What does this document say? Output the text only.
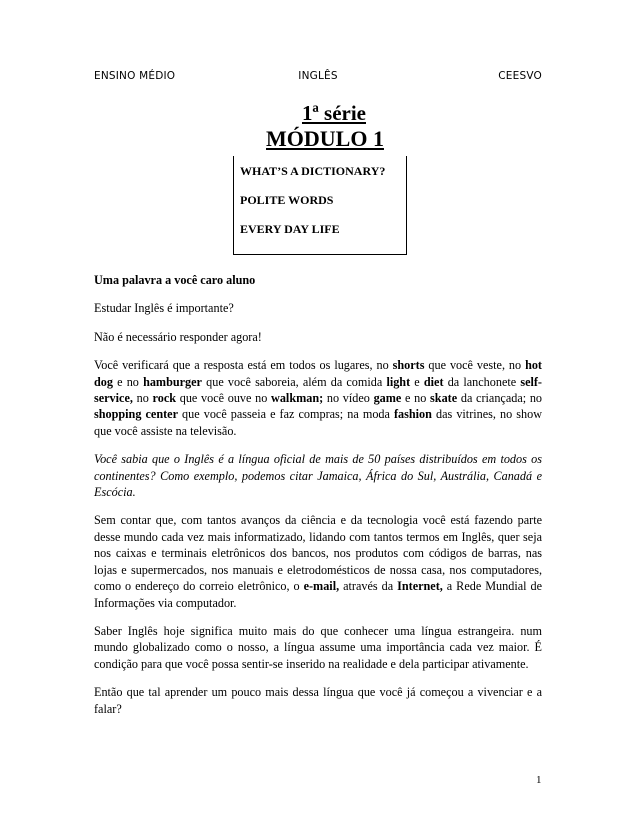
ENSINO MÉDIO	INGLÊS	CEESVO
1ª série
MÓDULO 1
WHAT’S A DICTIONARY?
POLITE WORDS
EVERY DAY LIFE

Uma palavra a você caro aluno

Estudar Inglês é importante?

Não é necessário responder agora!

Você verificará que a resposta está em todos os lugares, no shorts que você veste, no hot dog e no hamburger que você saboreia, além da comida light e diet da lanchonete self-service, no rock que você ouve no walkman; no vídeo game e no skate da criançada; no shopping center que você passeia e faz compras; na moda fashion das vitrines, no show que você assiste na televisão.

Você sabia que o Inglês é a língua oficial de mais de 50 países distribuídos em todos os continentes? Como exemplo, podemos citar Jamaica, África do Sul, Austrália, Canadá e Escócia.

Sem contar que, com tantos avanços da ciência e da tecnologia você está fazendo parte desse mundo cada vez mais informatizado, lidando com tantos termos em Inglês, quer seja nos caixas e terminais eletrônicos dos bancos, nos produtos com códigos de barras, nas lojas e supermercados, nos manuais e eletrodomésticos de nossa casa, nos computadores, como o endereço do correio eletrônico, o e-mail, através da Internet, a Rede Mundial de Informações via computador.

Saber Inglês hoje significa muito mais do que conhecer uma língua estrangeira. num mundo globalizado como o nosso, a língua assume uma importância cada vez maior. É condição para que você possa sentir-se inserido na realidade e dela participar ativamente.

Então que tal aprender um pouco mais dessa língua que você já começou a vivenciar e a falar?

1
